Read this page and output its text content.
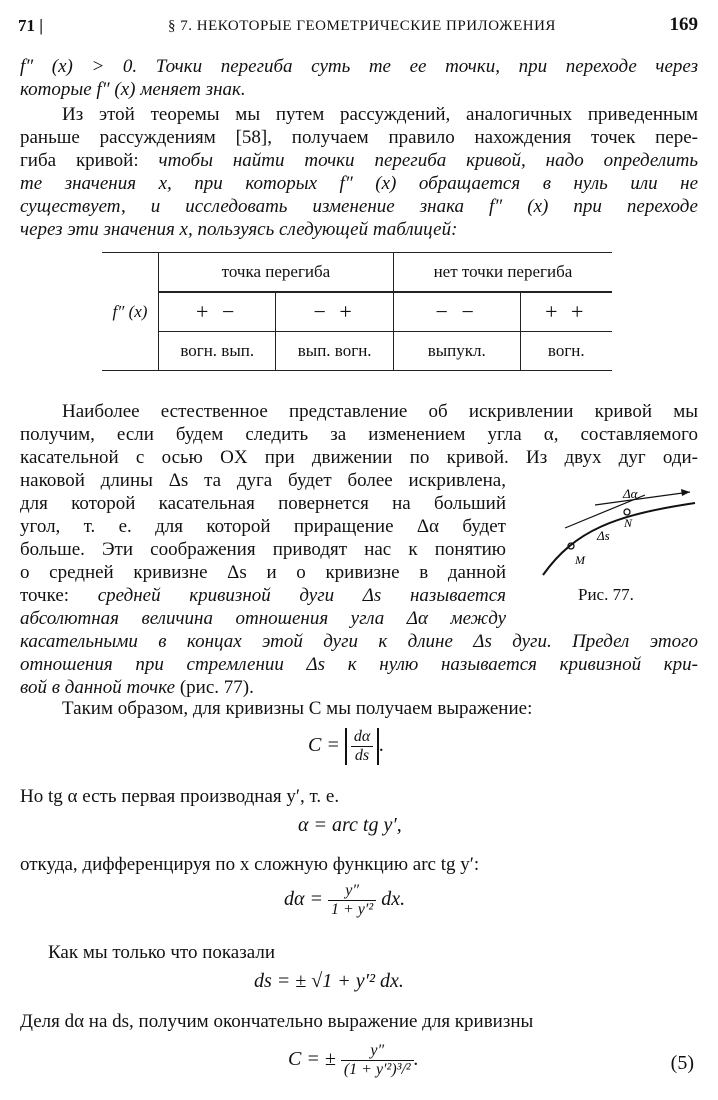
71 |	§ 7. НЕКОТОРЫЕ ГЕОМЕТРИЧЕСКИЕ ПРИЛОЖЕНИЯ	169
f″ (x) > 0. Точки перегиба суть те ее точки, при переходе через
которые f″ (x) меняет знак.
Из этой теоремы мы путем рассуждений, аналогичных приведенным
раньше рассуждениям [58], получаем правило нахождения точек пере-
гиба кривой: чтобы найти точки перегиба кривой, надо определить
те значения x, при которых f″ (x) обращается в нуль или не
существует, и исследовать изменение знака f″ (x) при переходе
через эти значения x, пользуясь следующей таблицей:
f″ (x)	точка перегиба		нет точки перегиба	
	+ −	− +	− −	+ +
	вогн. вып.	вып. вогн.	выпукл.	вогн.
Наиболее естественное представление об искривлении кривой мы
получим, если будем следить за изменением угла α, составляемого
касательной с осью OX при движении по кривой. Из двух дуг оди-
наковой длины Δs та дуга будет более искривлена,
для которой касательная повернется на больший
угол, т. е. для которой приращение Δα будет
больше. Эти соображения приводят нас к понятию
о средней кривизне Δs и о кривизне в данной
точке: средней кривизной дуги Δs называется
абсолютная величина отношения угла Δα между
касательными в концах этой дуги к длине Δs дуги. Предел этого
отношения при стремлении Δs к нулю называется кривизной кри-
вой в данной точке (рис. 77).
Δα
Δs
M
N
Рис. 77.
Таким образом, для кривизны C мы получаем выражение:
$C = \frac{d\alpha}{ds}$ .
Но tg α есть первая производная y′, т. е.
α = arc tg y′,
откуда, дифференцируя по x сложную функцию arc tg y′:
$d\alpha = \frac{y''}{\text{1 + y′²}}$ dx.
Как мы только что показали
ds = ± √1 + y′² dx.
Деля dα на ds, получим окончательно выражение для кривизны
C = ± $\frac{y''}{\text{(1 + y′²)³/²}}$ .	(5)
